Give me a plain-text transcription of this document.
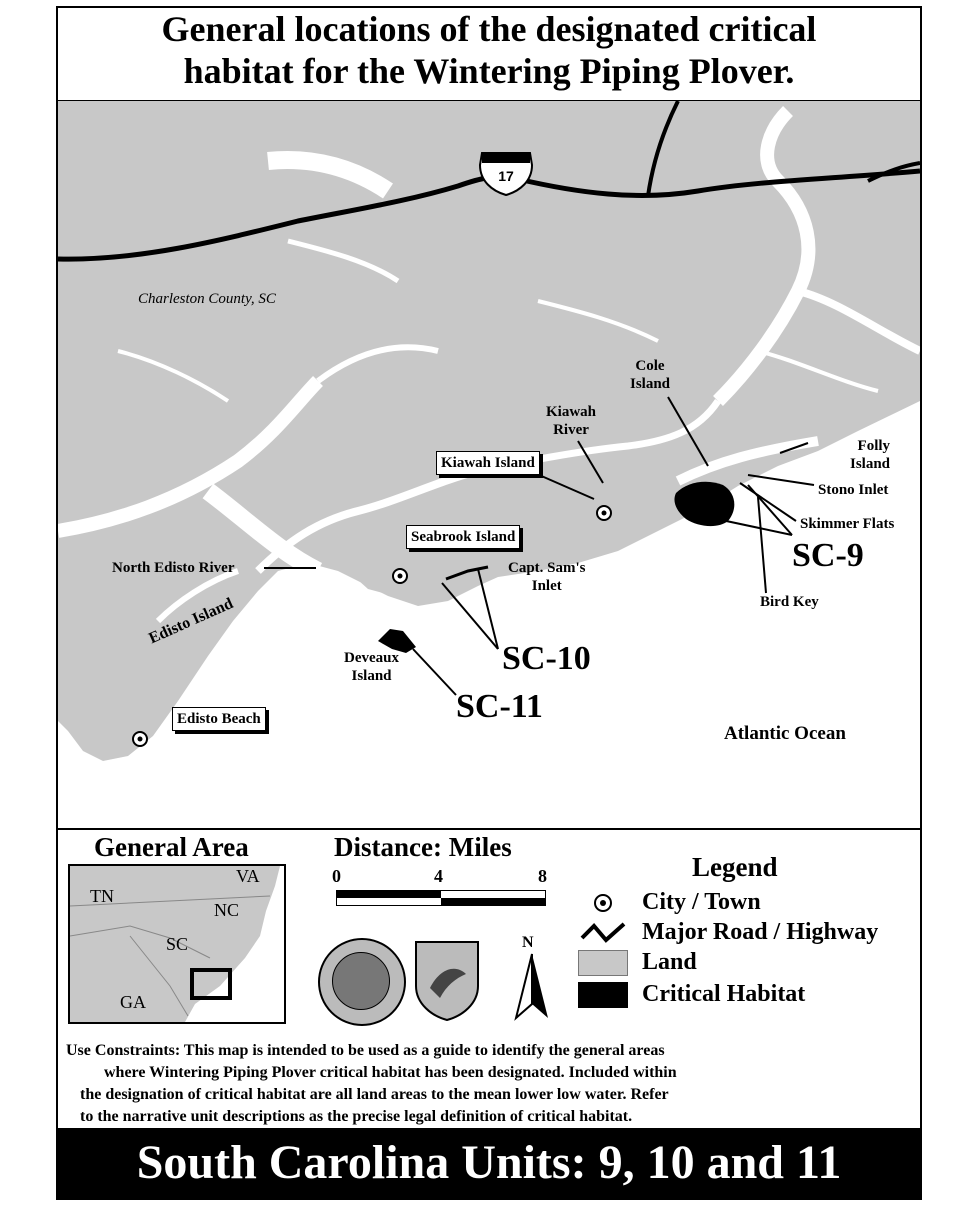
General locations of the designated critical
habitat for the Wintering Piping Plover.
17
Charleston County, SC
Cole
Island
Kiawah
River
Folly
Island
Stono Inlet
Skimmer Flats
Bird Key
North Edisto River	Capt. Sam's
Inlet
Deveaux
Island
Edisto Island
Atlantic Ocean
Kiawah Island
Seabrook Island
Edisto Beach
SC-9
SC-10
SC-11
General Area
TN
VA
NC
SC
GA
Distance: Miles
0	4	8
N
Legend
City / Town
Major Road / Highway
Land
Critical Habitat
Use Constraints: This map is intended to be used as a guide to identify the general areas
where Wintering Piping Plover critical habitat has been designated. Included within
the designation of critical habitat are all land areas to the mean lower low water. Refer
to the narrative unit descriptions as the precise legal definition of critical habitat.
South Carolina Units: 9, 10 and 11
